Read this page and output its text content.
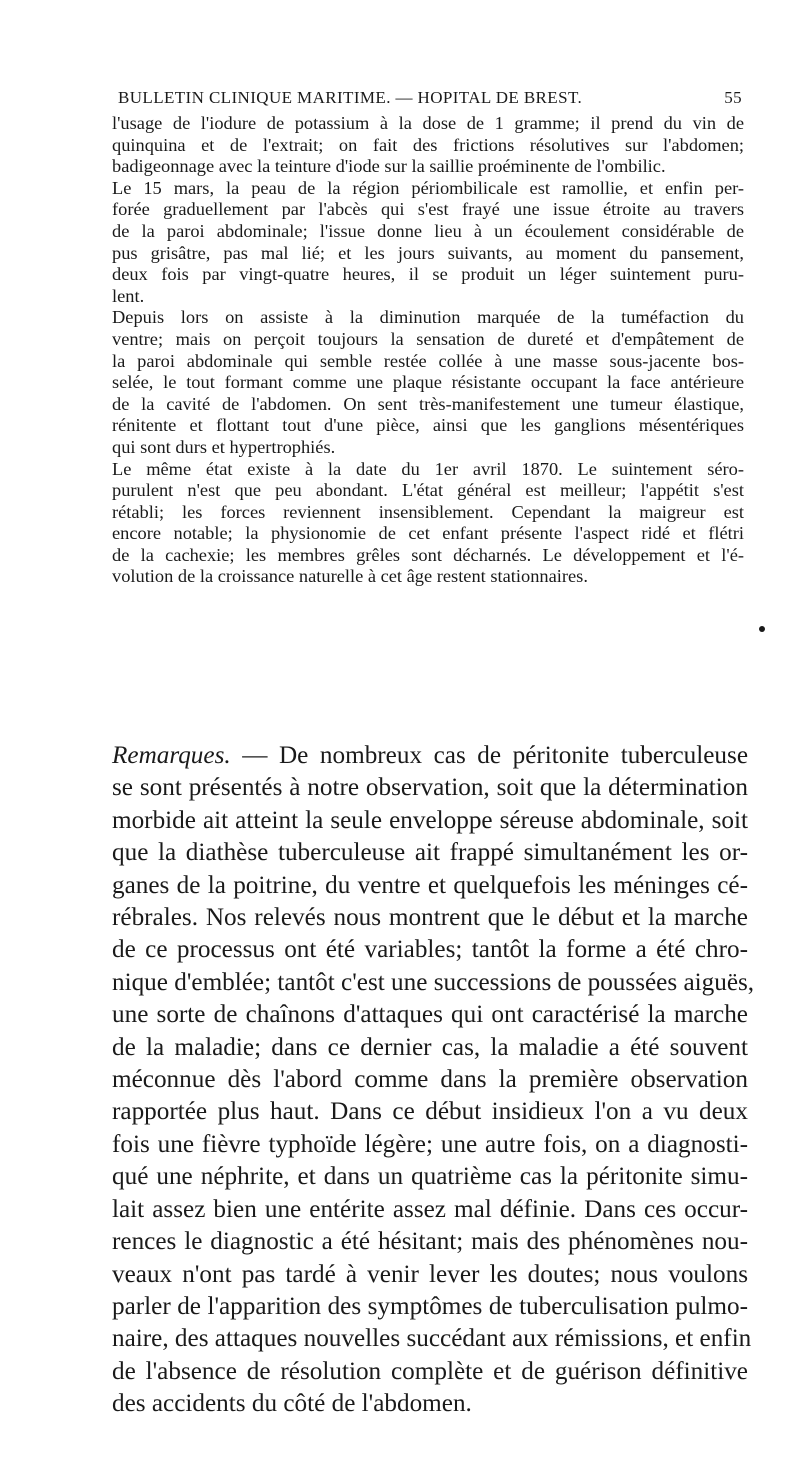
BULLETIN CLINIQUE MARITIME. — HOPITAL DE BREST.	55

l'usage de l'iodure de potassium à la dose de 1 gramme; il prend du vin de
quinquina et de l'extrait; on fait des frictions résolutives sur l'abdomen;
badigeonnage avec la teinture d'iode sur la saillie proéminente de l'ombilic.

Le 15 mars, la peau de la région périombilicale est ramollie, et enfin per-
forée graduellement par l'abcès qui s'est frayé une issue étroite au travers
de la paroi abdominale; l'issue donne lieu à un écoulement considérable de
pus grisâtre, pas mal lié; et les jours suivants, au moment du pansement,
deux fois par vingt-quatre heures, il se produit un léger suintement puru-
lent.

Depuis lors on assiste à la diminution marquée de la tuméfaction du
ventre; mais on perçoit toujours la sensation de dureté et d'empâtement de
la paroi abdominale qui semble restée collée à une masse sous-jacente bos-
selée, le tout formant comme une plaque résistante occupant la face antérieure
de la cavité de l'abdomen. On sent très-manifestement une tumeur élastique,
rénitente et flottant tout d'une pièce, ainsi que les ganglions mésentériques
qui sont durs et hypertrophiés.

Le même état existe à la date du 1er avril 1870. Le suintement séro-
purulent n'est que peu abondant. L'état général est meilleur; l'appétit s'est
rétabli; les forces reviennent insensiblement. Cependant la maigreur est
encore notable; la physionomie de cet enfant présente l'aspect ridé et flétri
de la cachexie; les membres grêles sont décharnés. Le développement et l'é-
volution de la croissance naturelle à cet âge restent stationnaires.

Remarques. — De nombreux cas de péritonite tuberculeuse
se sont présentés à notre observation, soit que la détermination
morbide ait atteint la seule enveloppe séreuse abdominale, soit
que la diathèse tuberculeuse ait frappé simultanément les or-
ganes de la poitrine, du ventre et quelquefois les méninges cé-
rébrales. Nos relevés nous montrent que le début et la marche
de ce processus ont été variables; tantôt la forme a été chro-
nique d'emblée; tantôt c'est une successions de poussées aiguës,
une sorte de chaînons d'attaques qui ont caractérisé la marche
de la maladie; dans ce dernier cas, la maladie a été souvent
méconnue dès l'abord comme dans la première observation
rapportée plus haut. Dans ce début insidieux l'on a vu deux
fois une fièvre typhoïde légère; une autre fois, on a diagnosti-
qué une néphrite, et dans un quatrième cas la péritonite simu-
lait assez bien une entérite assez mal définie. Dans ces occur-
rences le diagnostic a été hésitant; mais des phénomènes nou-
veaux n'ont pas tardé à venir lever les doutes; nous voulons
parler de l'apparition des symptômes de tuberculisation pulmo-
naire, des attaques nouvelles succédant aux rémissions, et enfin
de l'absence de résolution complète et de guérison définitive
des accidents du côté de l'abdomen.
